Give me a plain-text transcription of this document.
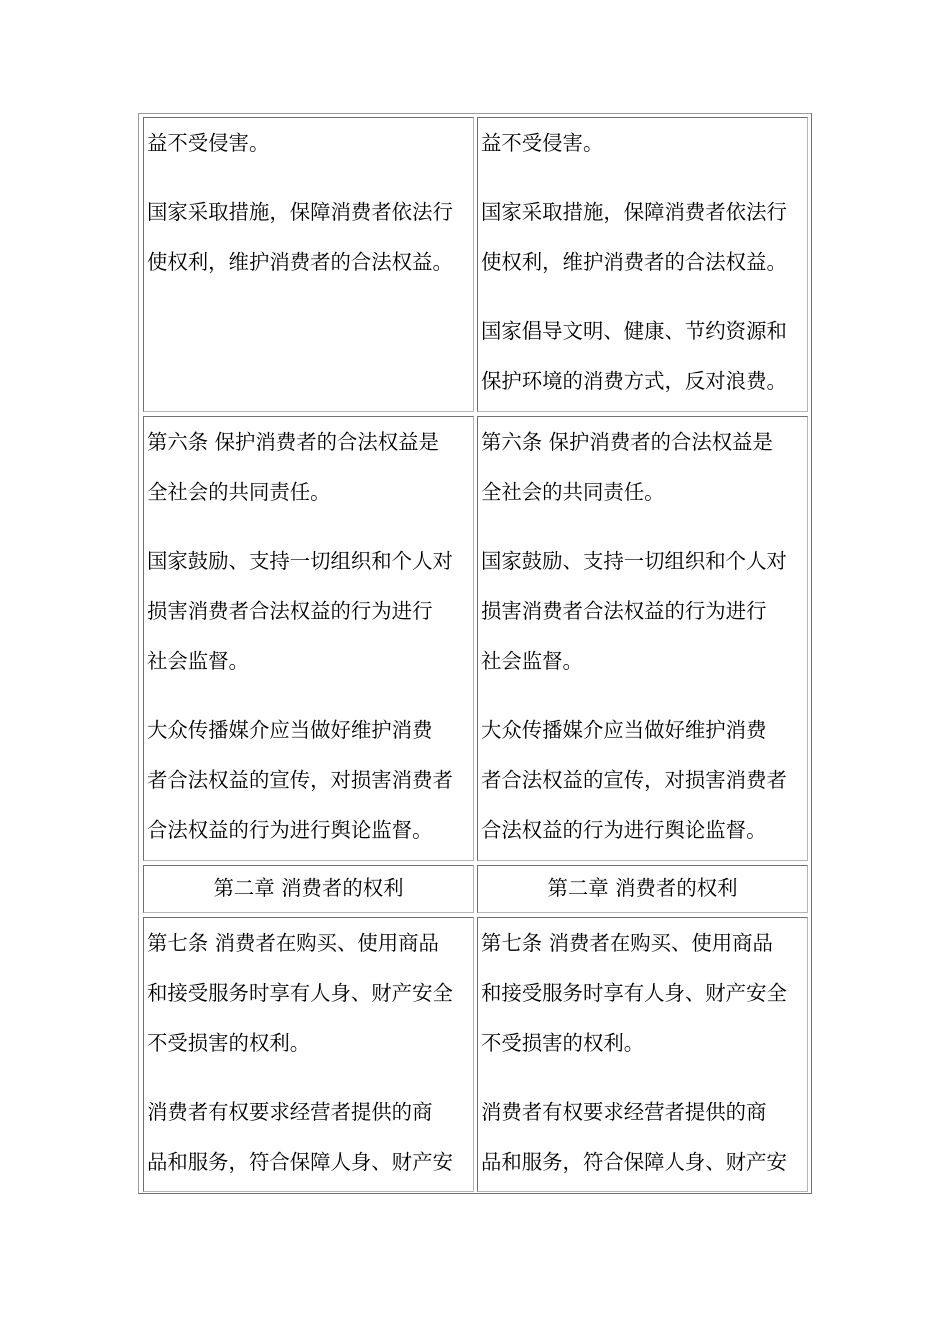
益不受侵害。

国家采取措施，保障消费者依法行

使权利，维护消费者的合法权益。

益不受侵害。

国家采取措施，保障消费者依法行

使权利，维护消费者的合法权益。

国家倡导文明、健康、节约资源和

保护环境的消费方式，反对浪费。

第六条 保护消费者的合法权益是

全社会的共同责任。

国家鼓励、支持一切组织和个人对

损害消费者合法权益的行为进行

社会监督。

大众传播媒介应当做好维护消费

者合法权益的宣传，对损害消费者

合法权益的行为进行舆论监督。

第六条 保护消费者的合法权益是

全社会的共同责任。

国家鼓励、支持一切组织和个人对

损害消费者合法权益的行为进行

社会监督。

大众传播媒介应当做好维护消费

者合法权益的宣传，对损害消费者

合法权益的行为进行舆论监督。

第二章 消费者的权利	第二章 消费者的权利

第七条 消费者在购买、使用商品

和接受服务时享有人身、财产安全

不受损害的权利。

消费者有权要求经营者提供的商

品和服务，符合保障人身、财产安

第七条 消费者在购买、使用商品

和接受服务时享有人身、财产安全

不受损害的权利。

消费者有权要求经营者提供的商

品和服务，符合保障人身、财产安
